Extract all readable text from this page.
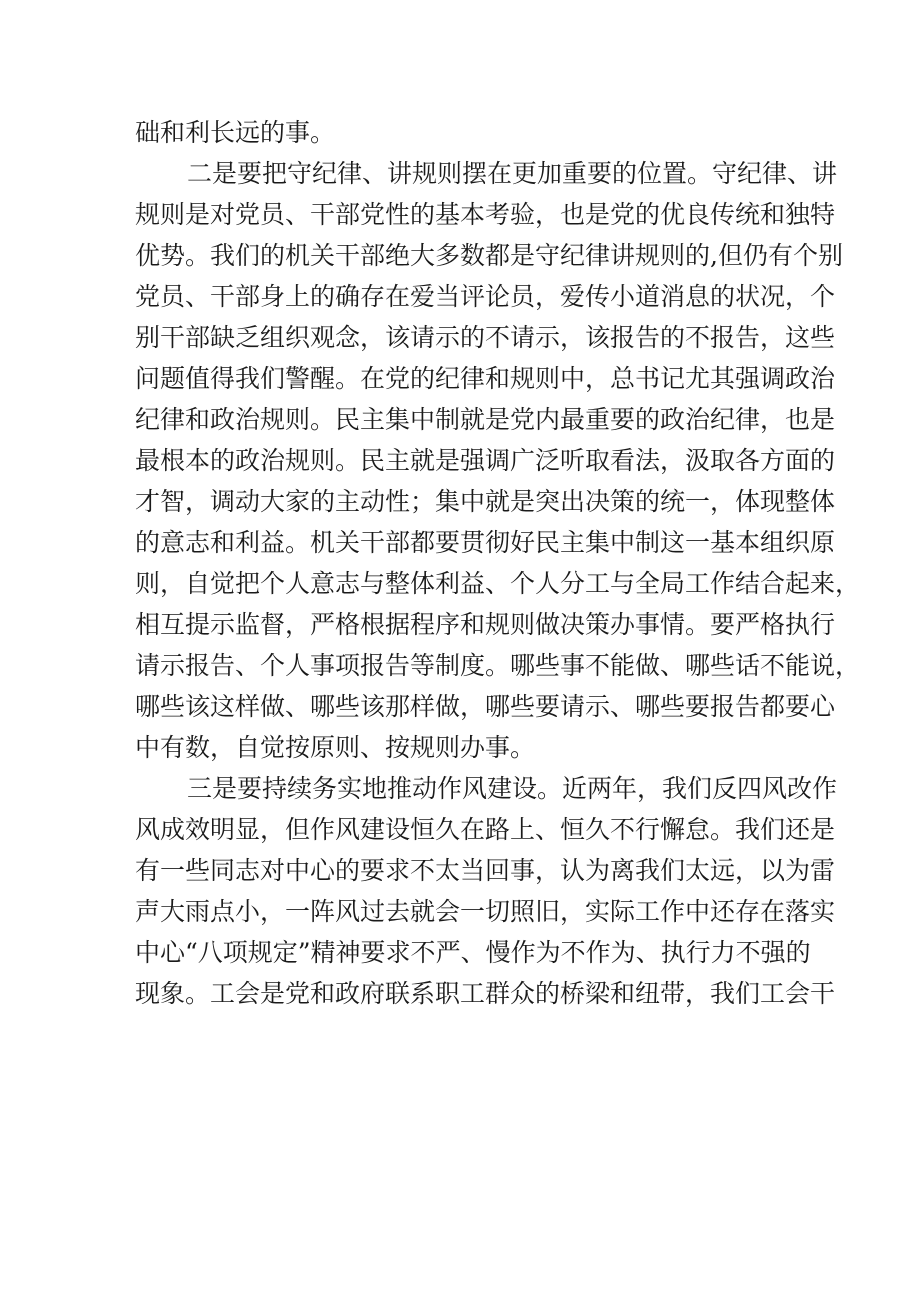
础和利长远的事。
二是要把守纪律、讲规则摆在更加重要的位置。守纪律、讲
规则是对党员、干部党性的基本考验，也是党的优良传统和独特
优势。我们的机关干部绝大多数都是守纪律讲规则的,但仍有个别
党员、干部身上的确存在爱当评论员，爱传小道消息的状况，个
别干部缺乏组织观念，该请示的不请示，该报告的不报告，这些
问题值得我们警醒。在党的纪律和规则中，总书记尤其强调政治
纪律和政治规则。民主集中制就是党内最重要的政治纪律，也是
最根本的政治规则。民主就是强调广泛听取看法，汲取各方面的
才智，调动大家的主动性；集中就是突出决策的统一，体现整体
的意志和利益。机关干部都要贯彻好民主集中制这一基本组织原
则，自觉把个人意志与整体利益、个人分工与全局工作结合起来，
相互提示监督，严格根据程序和规则做决策办事情。要严格执行
请示报告、个人事项报告等制度。哪些事不能做、哪些话不能说，
哪些该这样做、哪些该那样做，哪些要请示、哪些要报告都要心
中有数，自觉按原则、按规则办事。
三是要持续务实地推动作风建设。近两年，我们反四风改作
风成效明显，但作风建设恒久在路上、恒久不行懈怠。我们还是
有一些同志对中心的要求不太当回事，认为离我们太远，以为雷
声大雨点小，一阵风过去就会一切照旧，实际工作中还存在落实
中心“八项规定”精神要求不严、慢作为不作为、执行力不强的
现象。工会是党和政府联系职工群众的桥梁和纽带，我们工会干
